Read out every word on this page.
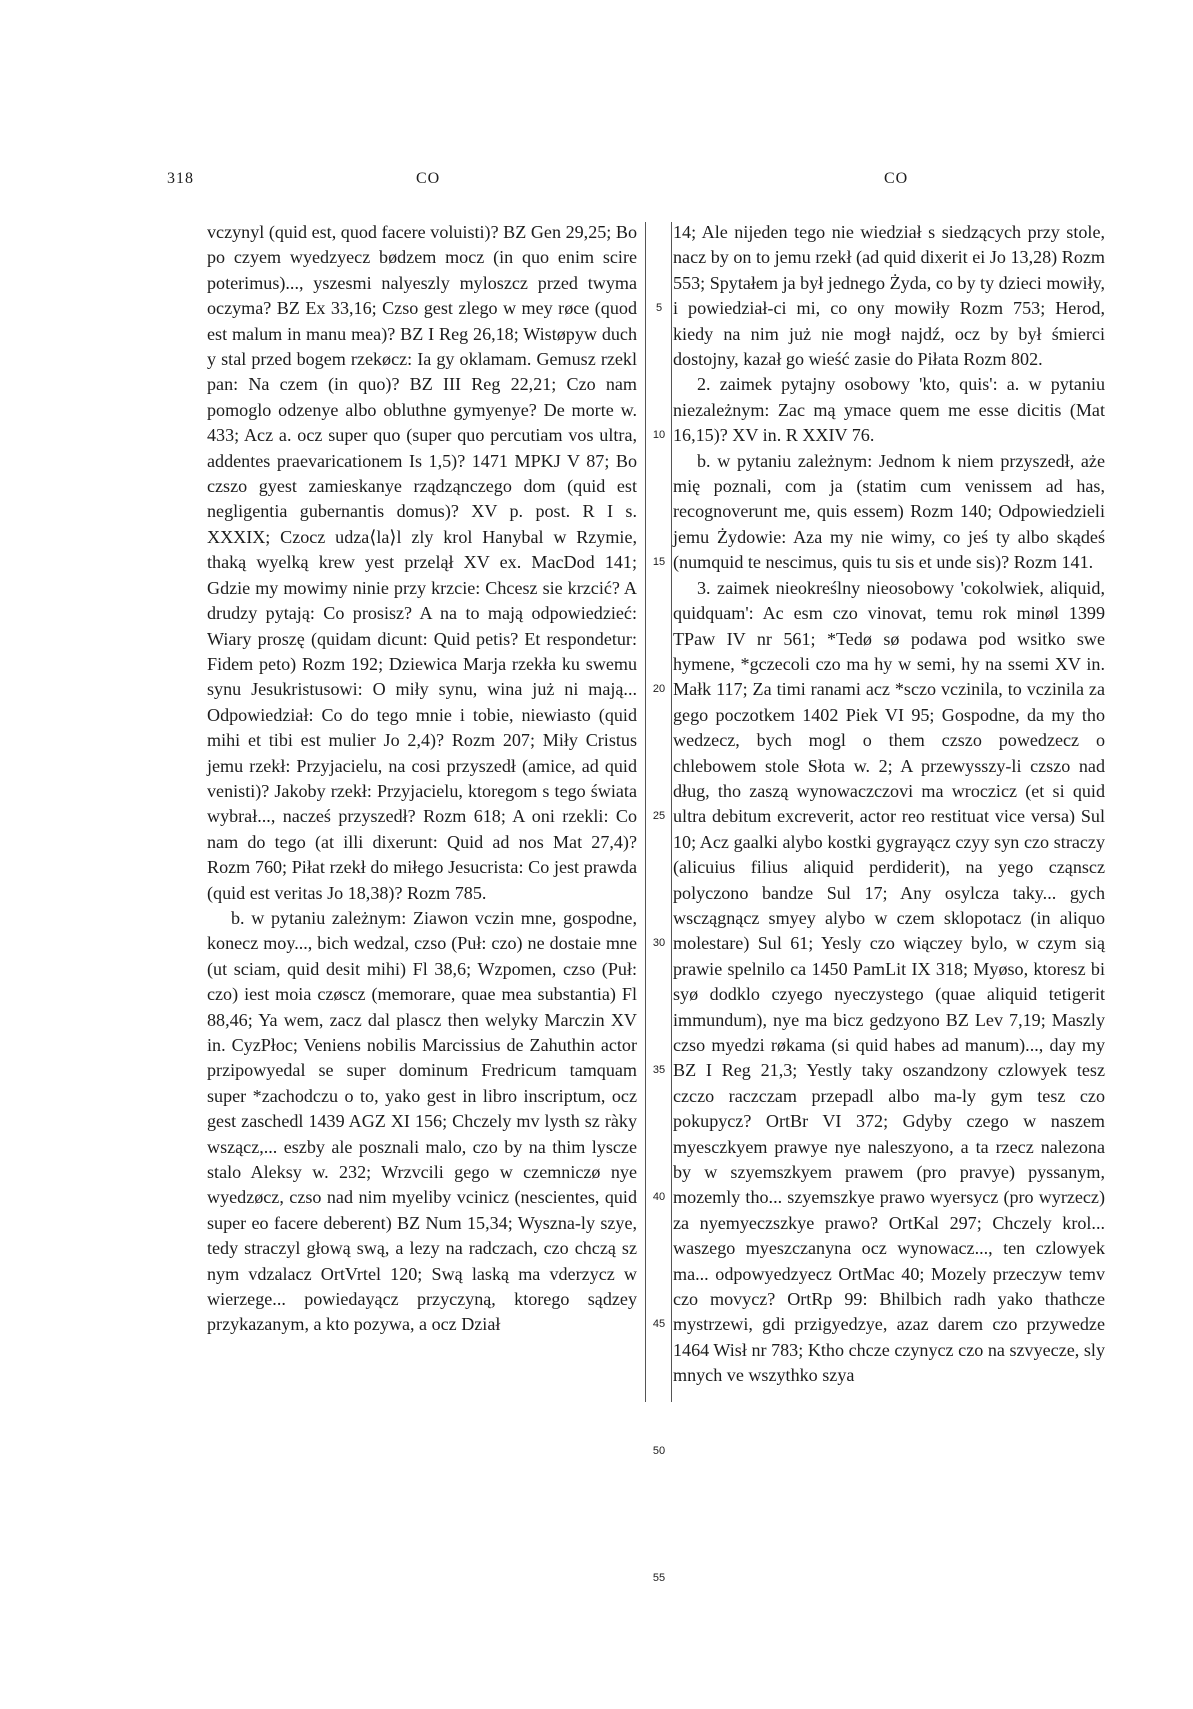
318	CO	CO

vczynyl (quid est, quod facere voluisti)? BZ Gen 29,25; Bo po czyem wyedzyecz bødzem mocz (in quo enim scire poterimus)..., yszesmi nalyeszly myloszcz przed twyma oczyma? BZ Ex 33,16; Czso gest zlego w mey røce (quod est malum in manu mea)? BZ I Reg 26,18; Wistøpyw duch y stal przed bogem rzekøcz: Ia gy oklamam. Gemusz rzekl pan: Na czem (in quo)? BZ III Reg 22,21; Czo nam pomoglo odzenye albo obluthne gymyenye? De morte w. 433; Acz a. ocz super quo (super quo percutiam vos ultra, addentes praevaricationem Is 1,5)? 1471 MPKJ V 87; Bo czszo gyest zamieskanye rządząnczego dom (quid est negligentia gubernantis domus)? XV p. post. R I s. XXXIX; Czocz udza⟨la⟩l zly krol Hanybal w Rzymie, thaką wyelką krew yest przelął XV ex. MacDod 141; Gdzie my mowimy ninie przy krzcie: Chcesz sie krzcić? A drudzy pytają: Co prosisz? A na to mają odpowiedzieć: Wiary proszę (quidam dicunt: Quid petis? Et respondetur: Fidem peto) Rozm 192; Dziewica Marja rzekła ku swemu synu Jesukristusowi: O miły synu, wina już ni mają... Odpowiedział: Co do tego mnie i tobie, niewiasto (quid mihi et tibi est mulier Jo 2,4)? Rozm 207; Miły Cristus jemu rzekł: Przyjacielu, na cosi przyszedł (amice, ad quid venisti)? Jakoby rzekł: Przyjacielu, ktoregom s tego świata wybrał..., nacześ przyszedł? Rozm 618; A oni rzekli: Co nam do tego (at illi dixerunt: Quid ad nos Mat 27,4)? Rozm 760; Piłat rzekł do miłego Jesucrista: Co jest prawda (quid est veritas Jo 18,38)? Rozm 785.

b. w pytaniu zależnym: Ziawon vczin mne, gospodne, konecz moy..., bich wedzal, czso (Puł: czo) ne dostaie mne (ut sciam, quid desit mihi) Fl 38,6; Wzpomen, czso (Puł: czo) iest moia czøscz (memorare, quae mea substantia) Fl 88,46; Ya wem, zacz dal plascz then welyky Marczin XV in. CyzPłoc; Veniens nobilis Marcissius de Zahuthin actor przipowyedal se super dominum Fredricum tamquam super *zachodczu o to, yako gest in libro inscriptum, ocz gest zaschedl 1439 AGZ XI 156; Chczely mv lysth sz ràky wszącz,... eszby ale posznali malo, czo by na thim lyscze stalo Aleksy w. 232; Wrzvcili gego w czemniczø nye wyedzøcz, czso nad nim myeliby vcinicz (nescientes, quid super eo facere deberent) BZ Num 15,34; Wyszna-ly szye, tedy straczyl głową swą, a lezy na radczach, czo chczą sz nym vdzalacz OrtVrtel 120; Swą laską ma vderzycz w wierzege... powiedayącz przyczyną, ktorego sądzey przykazanym, a kto pozywa, a ocz Dział

5
10
15
20
25
30
35
40
45
50
55

14; Ale nijeden tego nie wiedział s siedzących przy stole, nacz by on to jemu rzekł (ad quid dixerit ei Jo 13,28) Rozm 553; Spytałem ja był jednego Żyda, co by ty dzieci mowiły, i powiedział-ci mi, co ony mowiły Rozm 753; Herod, kiedy na nim już nie mogł najdź, ocz by był śmierci dostojny, kazał go wieść zasie do Piłata Rozm 802.

2. zaimek pytajny osobowy 'kto, quis': a. w pytaniu niezależnym: Zac mą ymace quem me esse dicitis (Mat 16,15)? XV in. R XXIV 76.

b. w pytaniu zależnym: Jednom k niem przyszedł, aże mię poznali, com ja (statim cum venissem ad has, recognoverunt me, quis essem) Rozm 140; Odpowiedzieli jemu Żydowie: Aza my nie wimy, co jeś ty albo skądeś (numquid te nescimus, quis tu sis et unde sis)? Rozm 141.

3. zaimek nieokreślny nieosobowy 'cokolwiek, aliquid, quidquam': Ac esm czo vinovat, temu rok minøl 1399 TPaw IV nr 561; *Tedø sø podawa pod wsitko swe hymene, *gczecoli czo ma hy w semi, hy na ssemi XV in. Małk 117; Za timi ranami acz *sczo vczinila, to vczinila za gego poczotkem 1402 Piek VI 95; Gospodne, da my tho wedzecz, bych mogl o them czszo powedzecz o chlebowem stole Słota w. 2; A przewysszy-li czszo nad dług, tho zaszą wynowaczczovi ma wroczicz (et si quid ultra debitum excreverit, actor reo restituat vice versa) Sul 10; Acz gaalki alybo kostki gygrayącz czyy syn czo straczy (alicuius filius aliquid perdiderit), na yego cząnscz polyczono bandze Sul 17; Any osylcza taky... gych wsczągnącz smyey alybo w czem sklopotacz (in aliquo molestare) Sul 61; Yesly czo wiączey bylo, w czym sią prawie spelnilo ca 1450 PamLit IX 318; Myøso, ktoresz bi syø dodklo czyego nyeczystego (quae aliquid tetigerit immundum), nye ma bicz gedzyono BZ Lev 7,19; Maszly czso myedzi røkama (si quid habes ad manum)..., day my BZ I Reg 21,3; Yestly taky oszandzony czlowyek tesz czczo raczczam przepadl albo ma-ly gym tesz czo pokupycz? OrtBr VI 372; Gdyby czego w naszem myesczkyem prawye nye naleszyono, a ta rzecz nalezona by w szyemszkyem prawem (pro pravye) pyssanym, mozemly tho... szyemszkye prawo wyersycz (pro wyrzecz) za nyemyeczszkye prawo? OrtKal 297; Chczely krol... waszego myeszczanyna ocz wynowacz..., ten czlowyek ma... odpowyedzyecz OrtMac 40; Mozely przeczyw temv czo movycz? OrtRp 99: Bhilbich radh yako thathcze mystrzewi, gdi przigyedzye, azaz darem czo przywedze 1464 Wisł nr 783; Ktho chcze czynycz czo na szvyecze, sly mnych ve wszythko szya
